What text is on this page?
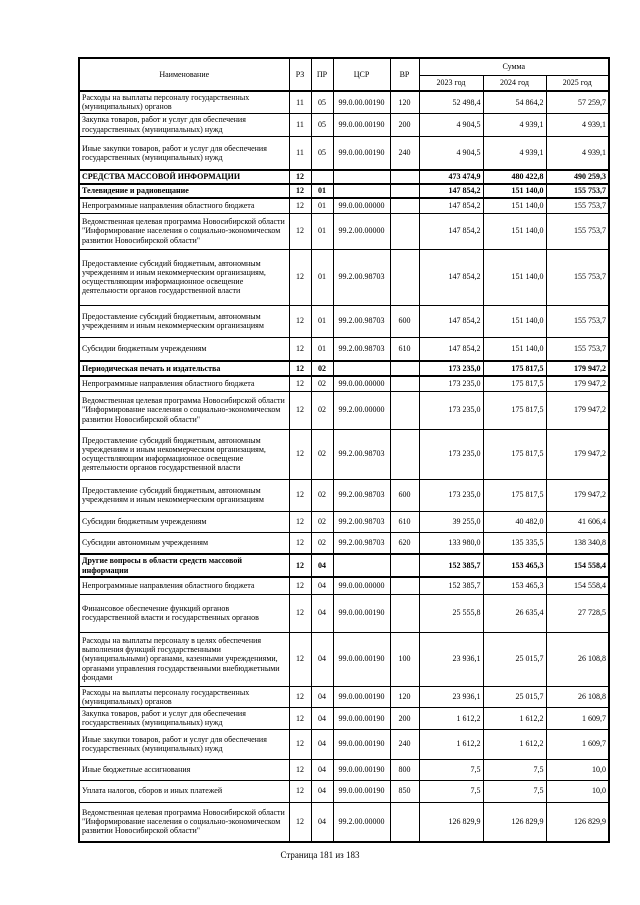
Наименование	РЗ	ПР	ЦСР	ВР	Сумма		
					2023 год	2024 год	2025 год
Расходы на выплаты персоналу государственных (муниципальных) органов	11	05	99.0.00.00190	120	52 498,4	54 864,2	57 259,7
Закупка товаров, работ и услуг для обеспечения государственных (муниципальных) нужд	11	05	99.0.00.00190	200	4 904,5	4 939,1	4 939,1
Иные закупки товаров, работ и услуг для обеспечения государственных (муниципальных) нужд	11	05	99.0.00.00190	240	4 904,5	4 939,1	4 939,1
СРЕДСТВА МАССОВОЙ ИНФОРМАЦИИ	12				473 474,9	480 422,8	490 259,3
Телевидение и радиовещание	12	01			147 854,2	151 140,0	155 753,7
Непрограммные направления областного бюджета	12	01	99.0.00.00000		147 854,2	151 140,0	155 753,7
Ведомственная целевая программа Новосибирской области "Информирование населения о социально-экономическом развитии Новосибирской области"	12	01	99.2.00.00000		147 854,2	151 140,0	155 753,7
Предоставление субсидий бюджетным, автономным учреждениям и иным некоммерческим организациям, осуществляющим информационное освещение деятельности органов государственной власти	12	01	99.2.00.98703		147 854,2	151 140,0	155 753,7
Предоставление субсидий бюджетным, автономным учреждениям и иным некоммерческим организациям	12	01	99.2.00.98703	600	147 854,2	151 140,0	155 753,7
Субсидии бюджетным учреждениям	12	01	99.2.00.98703	610	147 854,2	151 140,0	155 753,7
Периодическая печать и издательства	12	02			173 235,0	175 817,5	179 947,2
Непрограммные направления областного бюджета	12	02	99.0.00.00000		173 235,0	175 817,5	179 947,2
Ведомственная целевая программа Новосибирской области "Информирование населения о социально-экономическом развитии Новосибирской области"	12	02	99.2.00.00000		173 235,0	175 817,5	179 947,2
Предоставление субсидий бюджетным, автономным учреждениям и иным некоммерческим организациям, осуществляющим информационное освещение деятельности органов государственной власти	12	02	99.2.00.98703		173 235,0	175 817,5	179 947,2
Предоставление субсидий бюджетным, автономным учреждениям и иным некоммерческим организациям	12	02	99.2.00.98703	600	173 235,0	175 817,5	179 947,2
Субсидии бюджетным учреждениям	12	02	99.2.00.98703	610	39 255,0	40 482,0	41 606,4
Субсидии автономным учреждениям	12	02	99.2.00.98703	620	133 980,0	135 335,5	138 340,8
Другие вопросы в области средств массовой информации	12	04			152 385,7	153 465,3	154 558,4
Непрограммные направления областного бюджета	12	04	99.0.00.00000		152 385,7	153 465,3	154 558,4
Финансовое обеспечение функций органов государственной власти и государственных органов	12	04	99.0.00.00190		25 555,8	26 635,4	27 728,5
Расходы на выплаты персоналу в целях обеспечения выполнения функций государственными (муниципальными) органами, казенными учреждениями, органами управления государственными внебюджетными фондами	12	04	99.0.00.00190	100	23 936,1	25 015,7	26 108,8
Расходы на выплаты персоналу государственных (муниципальных) органов	12	04	99.0.00.00190	120	23 936,1	25 015,7	26 108,8
Закупка товаров, работ и услуг для обеспечения государственных (муниципальных) нужд	12	04	99.0.00.00190	200	1 612,2	1 612,2	1 609,7
Иные закупки товаров, работ и услуг для обеспечения государственных (муниципальных) нужд	12	04	99.0.00.00190	240	1 612,2	1 612,2	1 609,7
Иные бюджетные ассигнования	12	04	99.0.00.00190	800	7,5	7,5	10,0
Уплата налогов, сборов и иных платежей	12	04	99.0.00.00190	850	7,5	7,5	10,0
Ведомственная целевая программа Новосибирской области "Информирование населения о социально-экономическом развитии Новосибирской области"	12	04	99.2.00.00000		126 829,9	126 829,9	126 829,9
Страница 181 из 183
